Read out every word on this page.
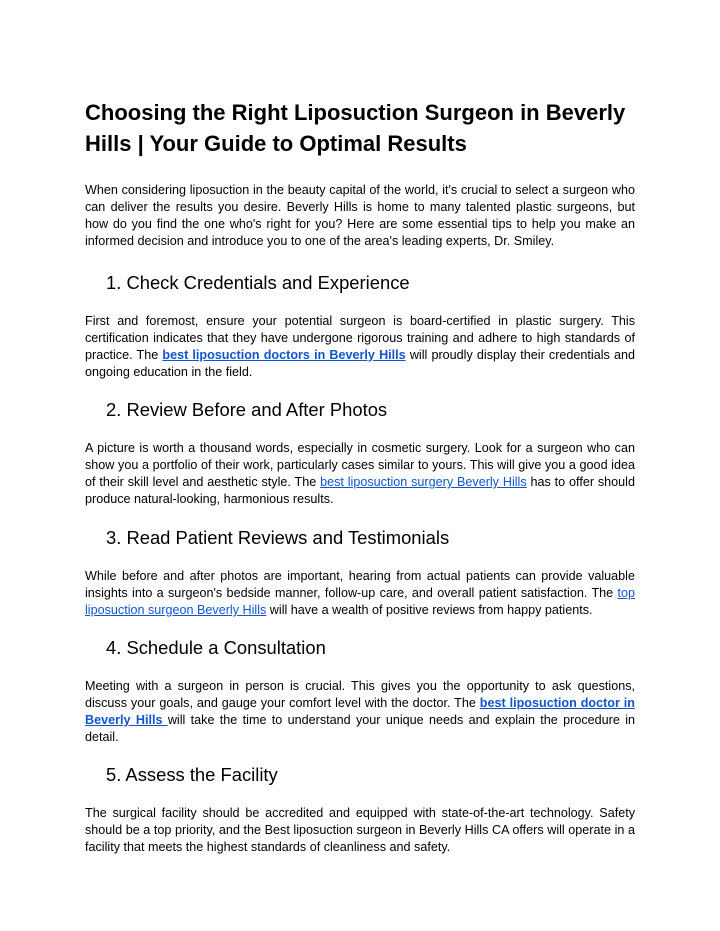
Choosing the Right Liposuction Surgeon in Beverly Hills | Your Guide to Optimal Results

When considering liposuction in the beauty capital of the world, it's crucial to select a surgeon who can deliver the results you desire. Beverly Hills is home to many talented plastic surgeons, but how do you find the one who's right for you? Here are some essential tips to help you make an informed decision and introduce you to one of the area's leading experts, Dr. Smiley.

1. Check Credentials and Experience

First and foremost, ensure your potential surgeon is board-certified in plastic surgery. This certification indicates that they have undergone rigorous training and adhere to high standards of practice. The best liposuction doctors in Beverly Hills will proudly display their credentials and ongoing education in the field.

2. Review Before and After Photos

A picture is worth a thousand words, especially in cosmetic surgery. Look for a surgeon who can show you a portfolio of their work, particularly cases similar to yours. This will give you a good idea of their skill level and aesthetic style. The best liposuction surgery Beverly Hills has to offer should produce natural-looking, harmonious results.

3. Read Patient Reviews and Testimonials

While before and after photos are important, hearing from actual patients can provide valuable insights into a surgeon's bedside manner, follow-up care, and overall patient satisfaction. The top liposuction surgeon Beverly Hills will have a wealth of positive reviews from happy patients.

4. Schedule a Consultation

Meeting with a surgeon in person is crucial. This gives you the opportunity to ask questions, discuss your goals, and gauge your comfort level with the doctor. The best liposuction doctor in Beverly Hills will take the time to understand your unique needs and explain the procedure in detail.

5. Assess the Facility

The surgical facility should be accredited and equipped with state-of-the-art technology. Safety should be a top priority, and the Best liposuction surgeon in Beverly Hills CA offers will operate in a facility that meets the highest standards of cleanliness and safety.
